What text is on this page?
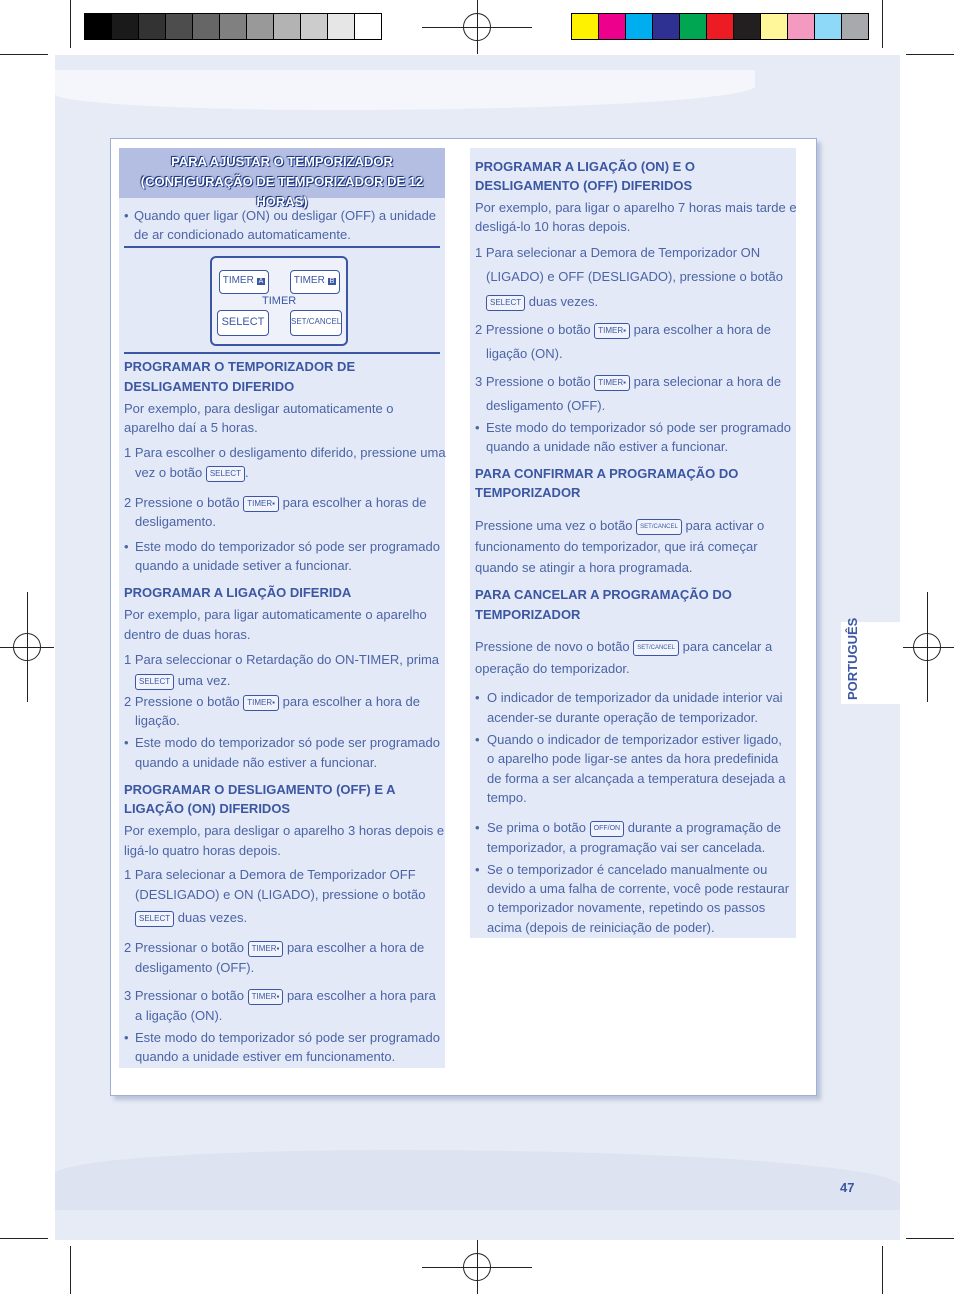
PARA AJUSTAR O TEMPORIZADOR
(CONFIGURAÇÃO DE TEMPORIZADOR DE 12 HORAS)
• Quando quer ligar (ON) ou desligar (OFF) a unidade
de ar condicionado automaticamente.
TIMER A	TIMER B
TIMER
SELECT	SET/CANCEL
PROGRAMAR O TEMPORIZADOR DE
DESLIGAMENTO DIFERIDO
Por exemplo, para desligar automaticamente o
aparelho daí a 5 horas.
1 Para escolher o desligamento diferido, pressione uma
vez o botão SELECT .
2 Pressione o botão TIMER▪ para escolher a horas de
desligamento.
• Este modo do temporizador só pode ser programado
quando a unidade setiver a funcionar.
PROGRAMAR A LIGAÇÃO DIFERIDA
Por exemplo, para ligar automaticamente o aparelho
dentro de duas horas.
1 Para seleccionar o Retardação do ON-TIMER, prima
SELECT uma vez.
2 Pressione o botão TIMER▪ para escolher a hora de
ligação.
• Este modo do temporizador só pode ser programado
quando a unidade não estiver a funcionar.
PROGRAMAR O DESLIGAMENTO (OFF) E A
LIGAÇÃO (ON) DIFERIDOS
Por exemplo, para desligar o aparelho 3 horas depois e
ligá-lo quatro horas depois.
1 Para selecionar a Demora de Temporizador OFF
(DESLIGADO) e ON (LIGADO), pressione o botão
SELECT duas vezes.
2 Pressionar o botão TIMER▪ para escolher a hora de
desligamento (OFF).
3 Pressionar o botão TIMER▪ para escolher a hora para
a ligação (ON).
• Este modo do temporizador só pode ser programado
quando a unidade estiver em funcionamento.
PROGRAMAR A LIGAÇÃO (ON) E O
DESLIGAMENTO (OFF) DIFERIDOS
Por exemplo, para ligar o aparelho 7 horas mais tarde e
desligá-lo 10 horas depois.
1 Para selecionar a Demora de Temporizador ON
(LIGADO) e OFF (DESLIGADO), pressione o botão
SELECT duas vezes.
2 Pressione o botão TIMER▪ para escolher a hora de
ligação (ON).
3 Pressione o botão TIMER▪ para selecionar a hora de
desligamento (OFF).
• Este modo do temporizador só pode ser programado
quando a unidade não estiver a funcionar.
PARA CONFIRMAR A PROGRAMAÇÃO DO
TEMPORIZADOR
Pressione uma vez o botão SET/CANCEL para activar o
funcionamento do temporizador, que irá começar
quando se atingir a hora programada.
PARA CANCELAR A PROGRAMAÇÃO DO
TEMPORIZADOR
Pressione de novo o botão SET/CANCEL para cancelar a
operação do temporizador.
• O indicador de temporizador da unidade interior vai
acender-se durante operação de temporizador.
• Quando o indicador de temporizador estiver ligado,
o aparelho pode ligar-se antes da hora predefinida
de forma a ser alcançada a temperatura desejada a
tempo.
• Se prima o botão OFF/ON durante a programação de
temporizador, a programação vai ser cancelada.
• Se o temporizador é cancelado manualmente ou
devido a uma falha de corrente, você pode restaurar
o temporizador novamente, repetindo os passos
acima (depois de reiniciação de poder).
PORTUGUÊS
47
